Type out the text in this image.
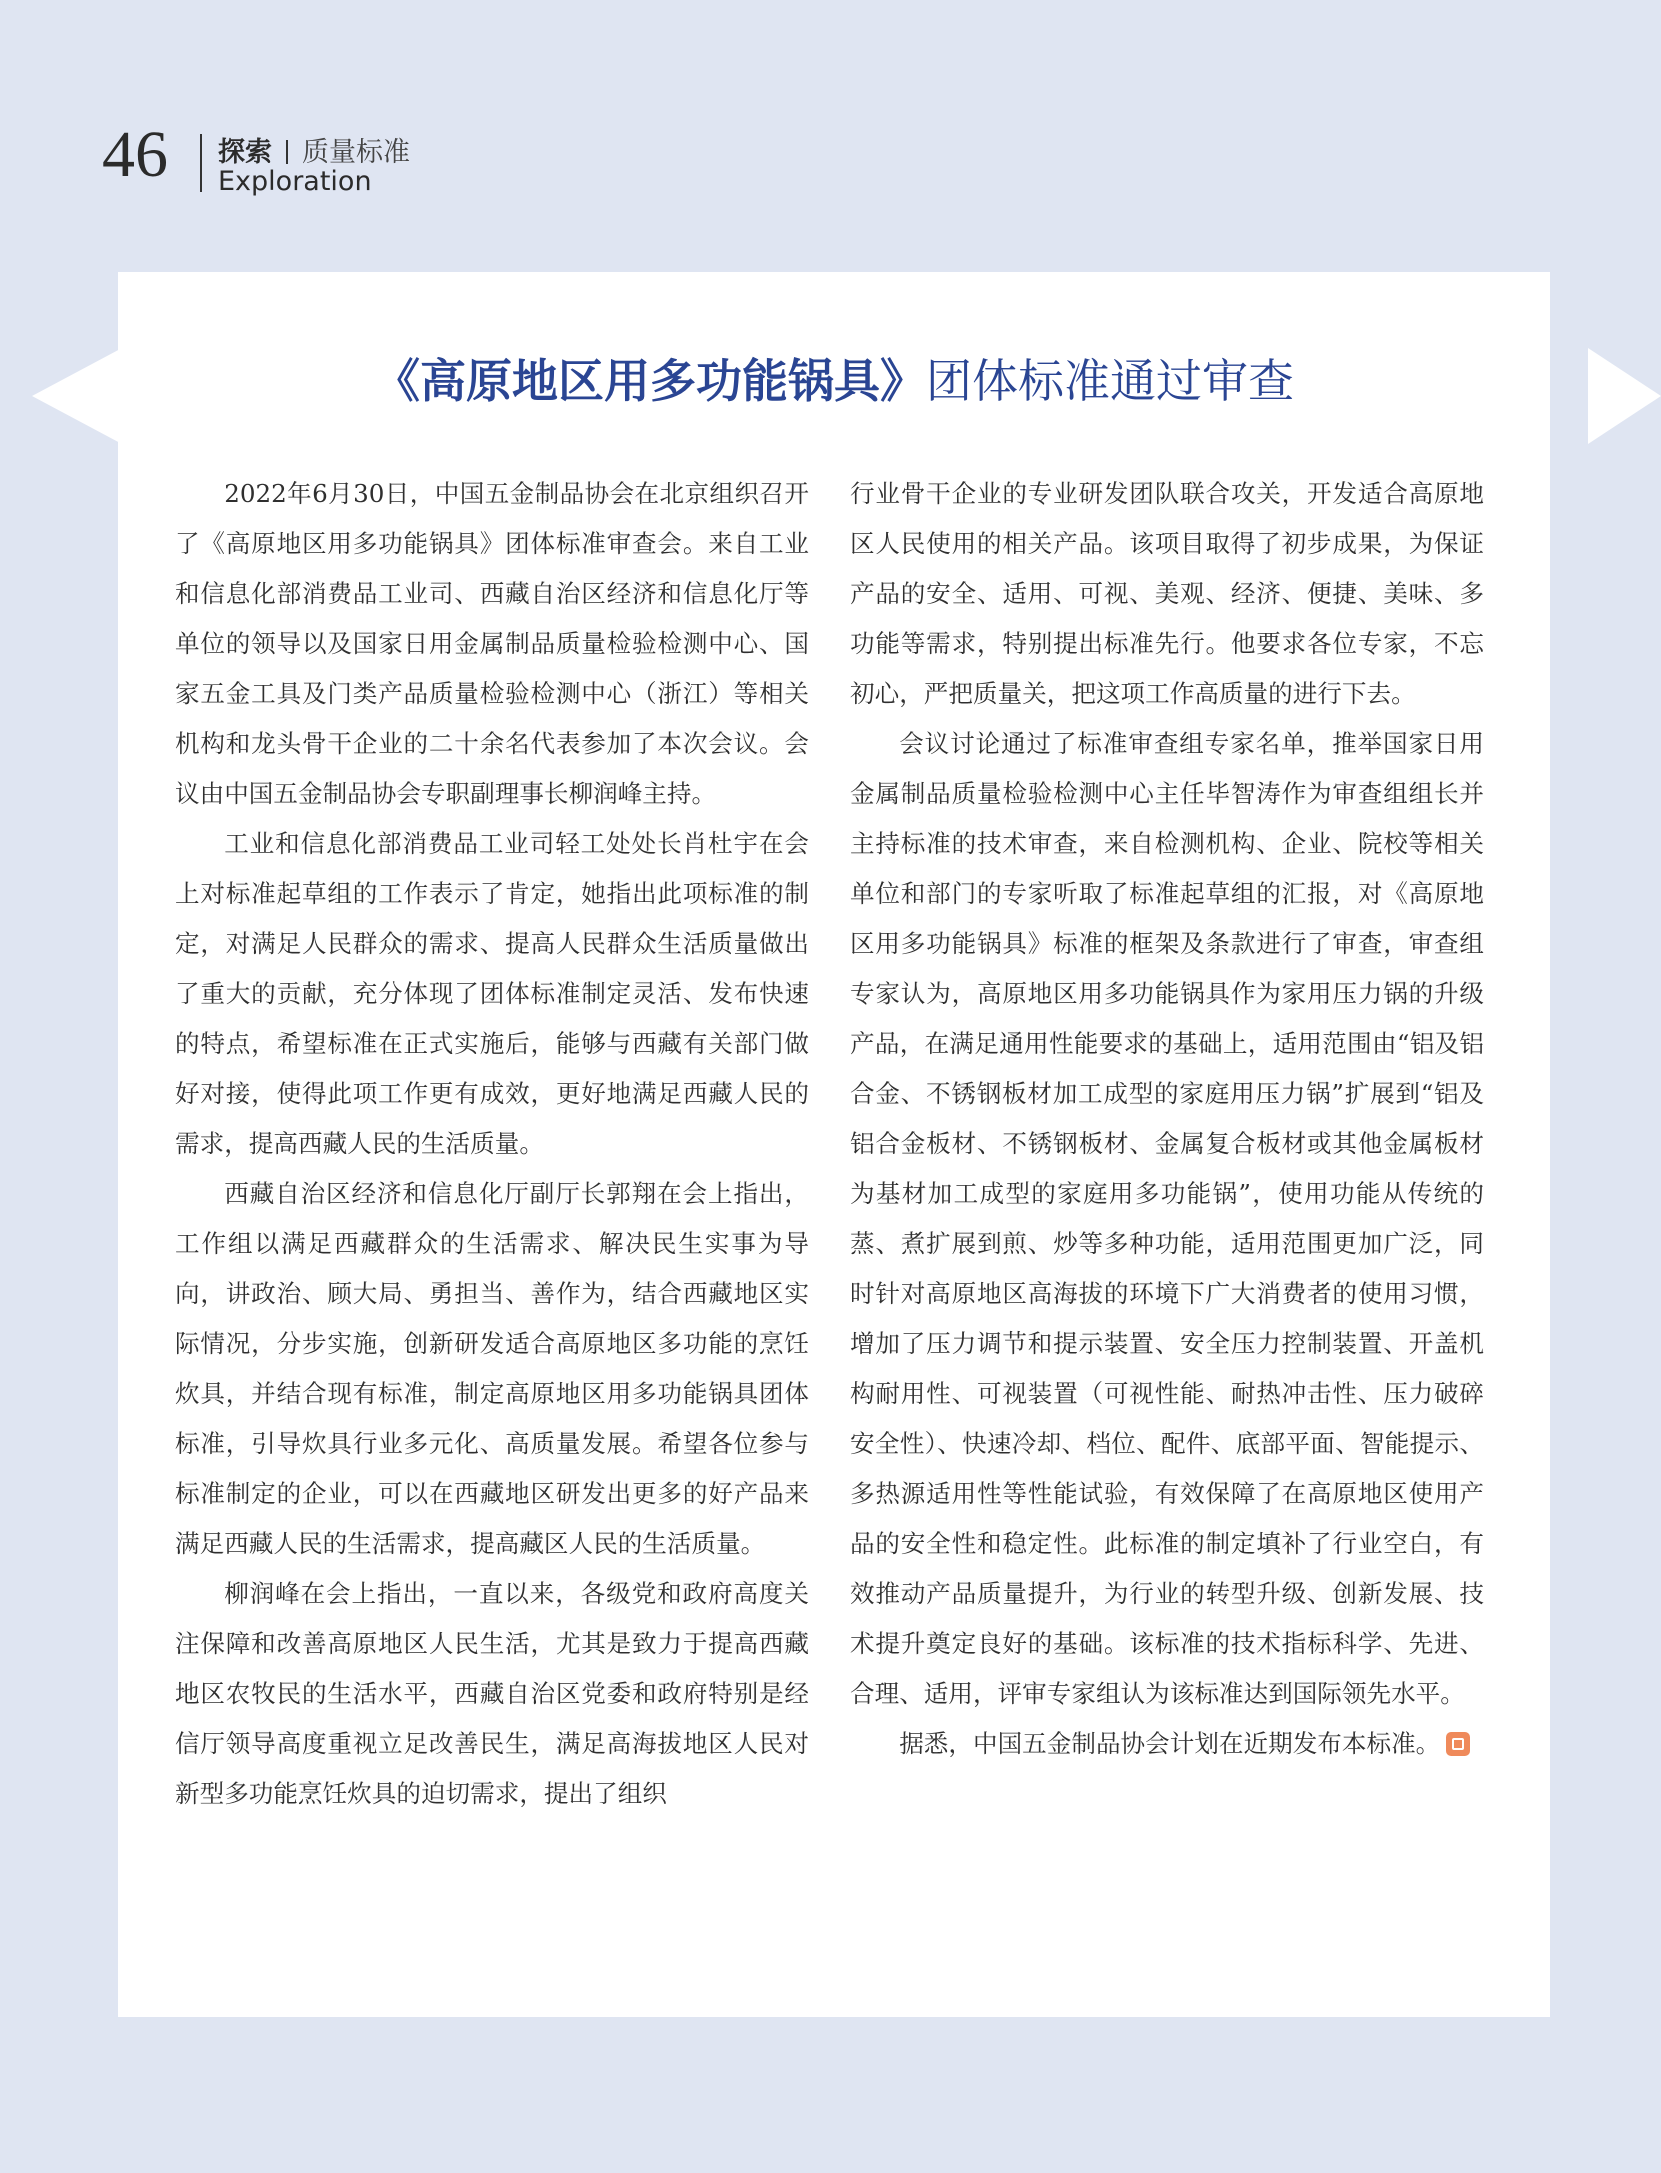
46 探索 质量标准
Exploration
《高原地区用多功能锅具》团体标准通过审查

2022年6月30日，中国五金制品协会在北京组织召开了《高原地区用多功能锅具》团体标准审查会。来自工业和信息化部消费品工业司、西藏自治区经济和信息化厅等单位的领导以及国家日用金属制品质量检验检测中心、国家五金工具及门类产品质量检验检测中心（浙江）等相关机构和龙头骨干企业的二十余名代表参加了本次会议。会议由中国五金制品协会专职副理事长柳润峰主持。

工业和信息化部消费品工业司轻工处处长肖杜宇在会上对标准起草组的工作表示了肯定，她指出此项标准的制定，对满足人民群众的需求、提高人民群众生活质量做出了重大的贡献，充分体现了团体标准制定灵活、发布快速的特点，希望标准在正式实施后，能够与西藏有关部门做好对接，使得此项工作更有成效，更好地满足西藏人民的需求，提高西藏人民的生活质量。

西藏自治区经济和信息化厅副厅长郭翔在会上指出，工作组以满足西藏群众的生活需求、解决民生实事为导向，讲政治、顾大局、勇担当、善作为，结合西藏地区实际情况，分步实施，创新研发适合高原地区多功能的烹饪炊具，并结合现有标准，制定高原地区用多功能锅具团体标准，引导炊具行业多元化、高质量发展。希望各位参与标准制定的企业，可以在西藏地区研发出更多的好产品来满足西藏人民的生活需求，提高藏区人民的生活质量。

柳润峰在会上指出，一直以来，各级党和政府高度关注保障和改善高原地区人民生活，尤其是致力于提高西藏地区农牧民的生活水平，西藏自治区党委和政府特别是经信厅领导高度重视立足改善民生，满足高海拔地区人民对新型多功能烹饪炊具的迫切需求，提出了组织

行业骨干企业的专业研发团队联合攻关，开发适合高原地区人民使用的相关产品。该项目取得了初步成果，为保证产品的安全、适用、可视、美观、经济、便捷、美味、多功能等需求，特别提出标准先行。他要求各位专家，不忘初心，严把质量关，把这项工作高质量的进行下去。

会议讨论通过了标准审查组专家名单，推举国家日用金属制品质量检验检测中心主任毕智涛作为审查组组长并主持标准的技术审查，来自检测机构、企业、院校等相关单位和部门的专家听取了标准起草组的汇报，对《高原地区用多功能锅具》标准的框架及条款进行了审查，审查组专家认为，高原地区用多功能锅具作为家用压力锅的升级产品，在满足通用性能要求的基础上，适用范围由“铝及铝合金、不锈钢板材加工成型的家庭用压力锅”扩展到“铝及铝合金板材、不锈钢板材、金属复合板材或其他金属板材为基材加工成型的家庭用多功能锅”，使用功能从传统的蒸、煮扩展到煎、炒等多种功能，适用范围更加广泛，同时针对高原地区高海拔的环境下广大消费者的使用习惯，增加了压力调节和提示装置、安全压力控制装置、开盖机构耐用性、可视装置（可视性能、耐热冲击性、压力破碎安全性）、快速冷却、档位、配件、底部平面、智能提示、多热源适用性等性能试验，有效保障了在高原地区使用产品的安全性和稳定性。此标准的制定填补了行业空白，有效推动产品质量提升，为行业的转型升级、创新发展、技术提升奠定良好的基础。该标准的技术指标科学、先进、合理、适用，评审专家组认为该标准达到国际领先水平。

据悉，中国五金制品协会计划在近期发布本标准。
